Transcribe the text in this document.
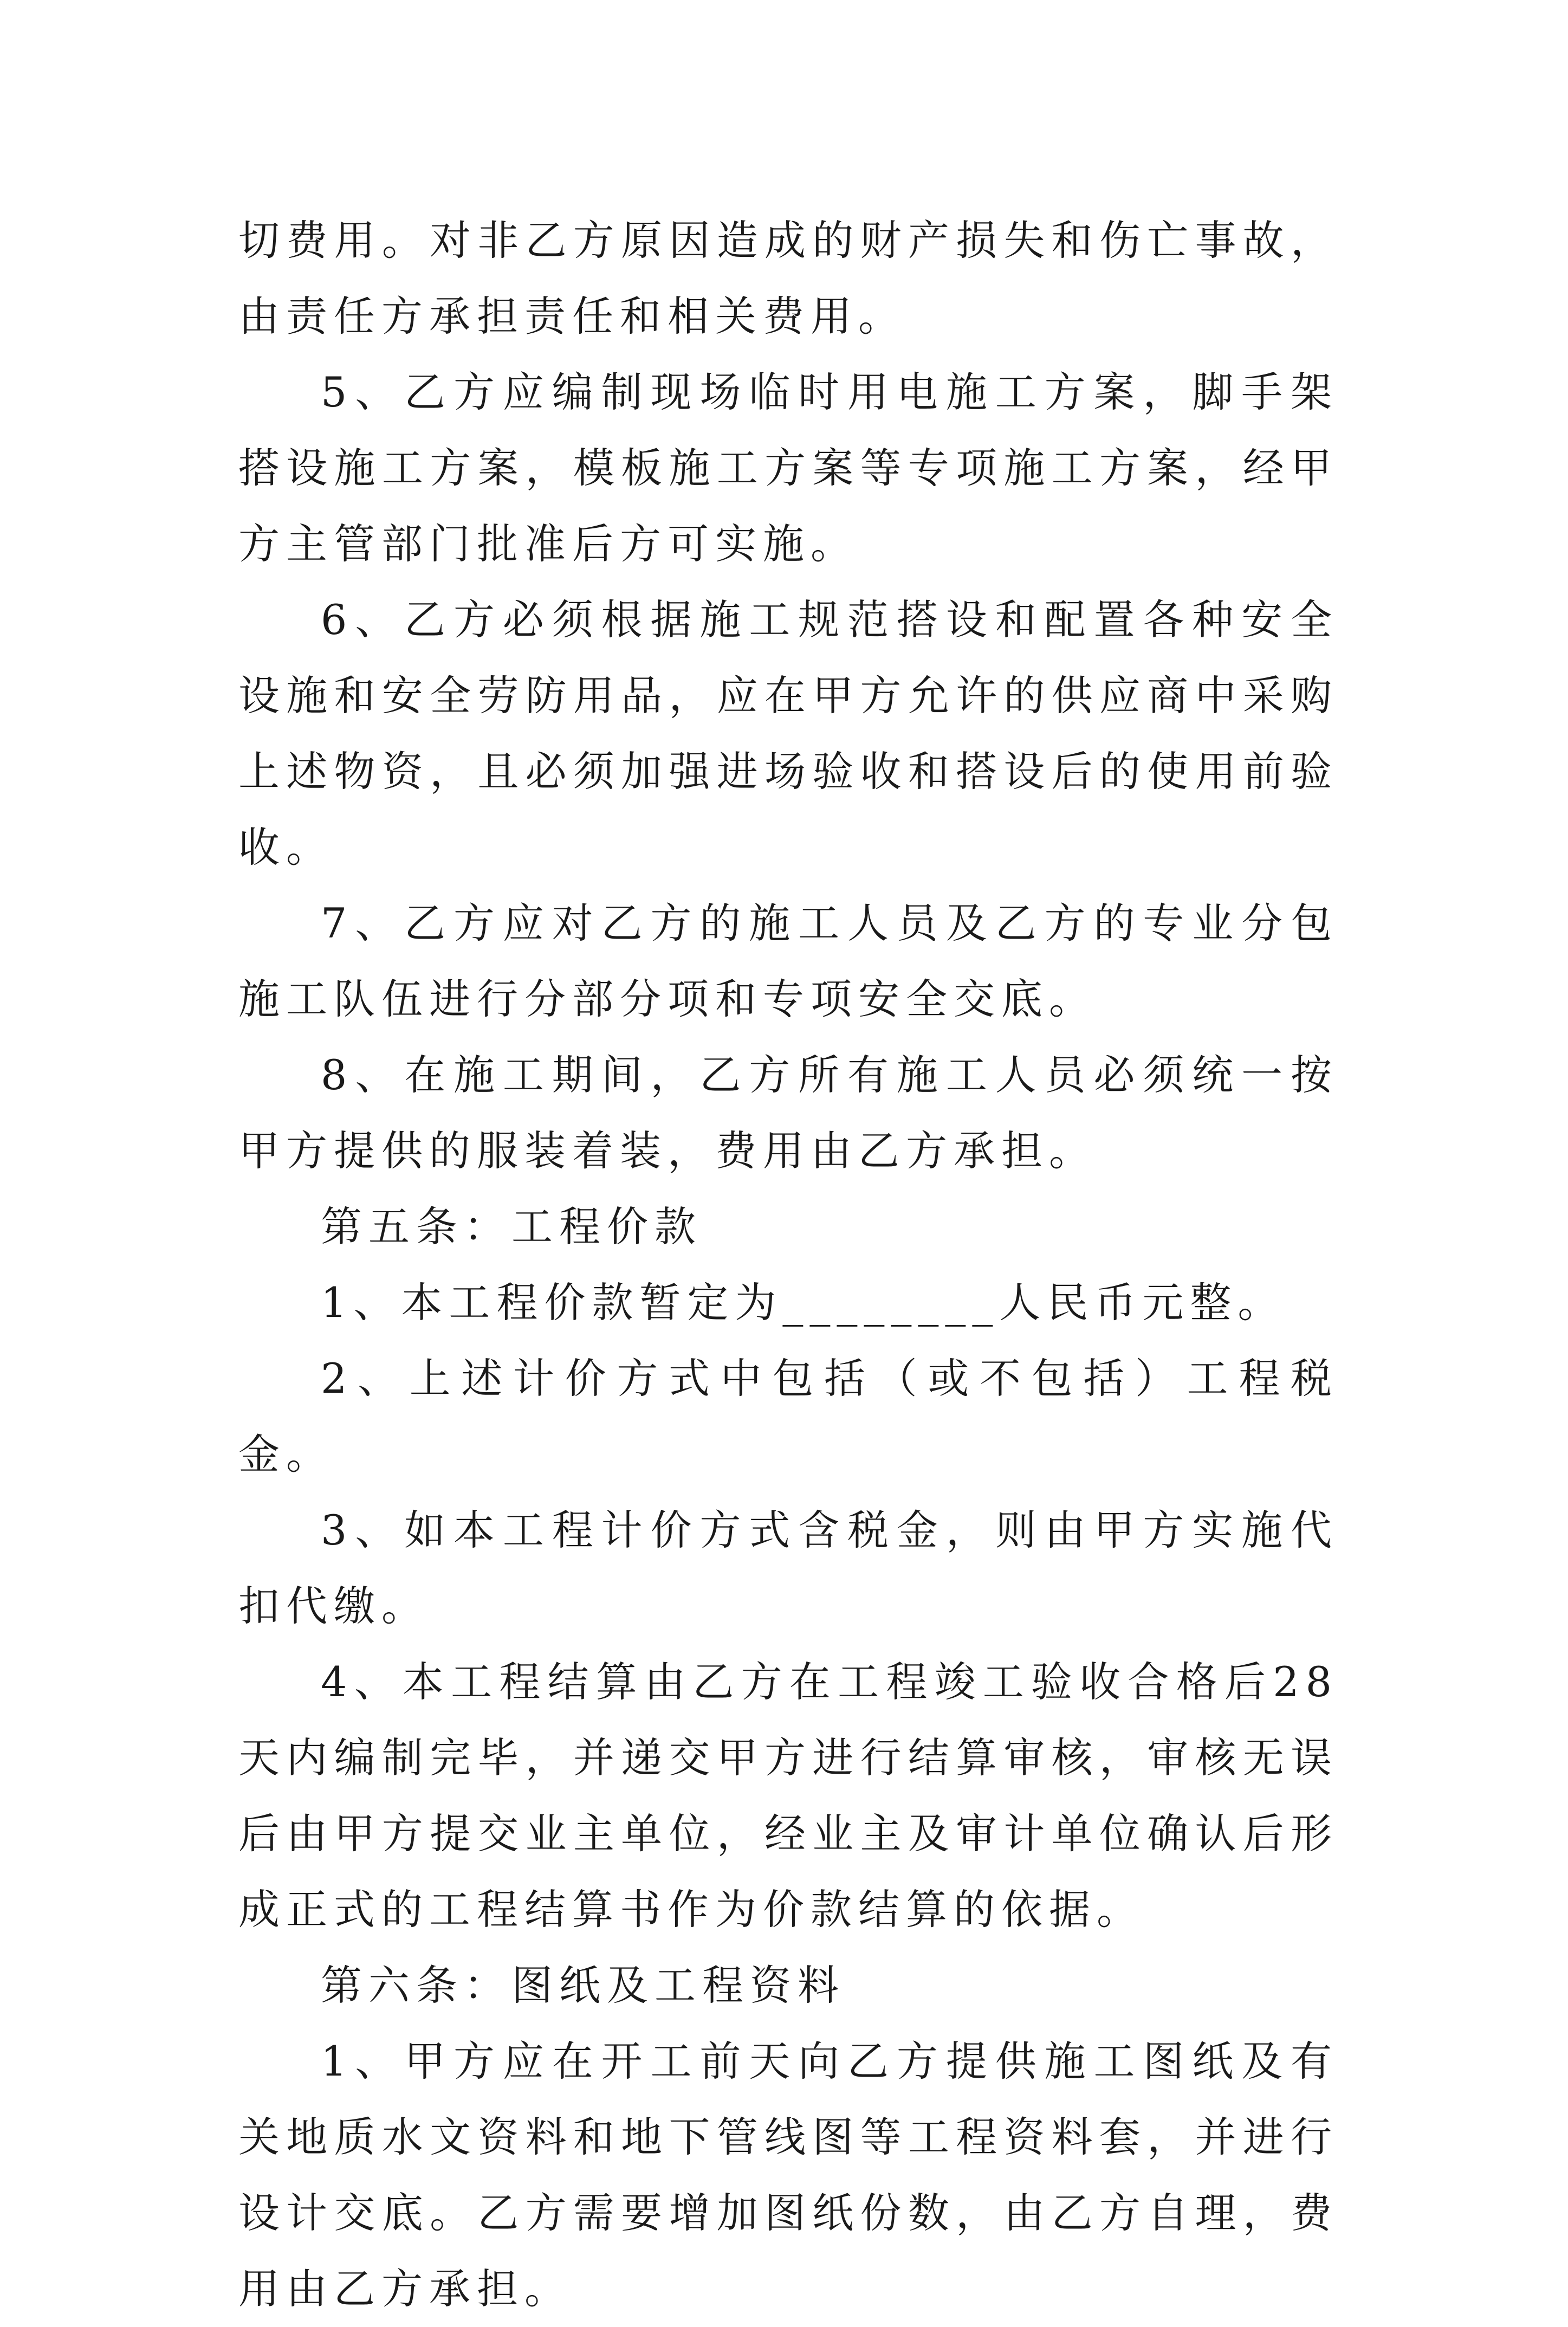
切费用。对非乙方原因造成的财产损失和伤亡事故，由责任方承担责任和相关费用。

5、乙方应编制现场临时用电施工方案，脚手架搭设施工方案，模板施工方案等专项施工方案，经甲方主管部门批准后方可实施。

6、乙方必须根据施工规范搭设和配置各种安全设施和安全劳防用品，应在甲方允许的供应商中采购上述物资，且必须加强进场验收和搭设后的使用前验收。

7、乙方应对乙方的施工人员及乙方的专业分包施工队伍进行分部分项和专项安全交底。

8、在施工期间，乙方所有施工人员必须统一按甲方提供的服装着装，费用由乙方承担。

第五条：工程价款

1、本工程价款暂定为________人民币元整。

2、上述计价方式中包括（或不包括）工程税金。

3、如本工程计价方式含税金，则由甲方实施代扣代缴。

4、本工程结算由乙方在工程竣工验收合格后28天内编制完毕，并递交甲方进行结算审核，审核无误后由甲方提交业主单位，经业主及审计单位确认后形成正式的工程结算书作为价款结算的依据。

第六条：图纸及工程资料

1、甲方应在开工前天向乙方提供施工图纸及有关地质水文资料和地下管线图等工程资料套，并进行设计交底。乙方需要增加图纸份数，由乙方自理，费用由乙方承担。
